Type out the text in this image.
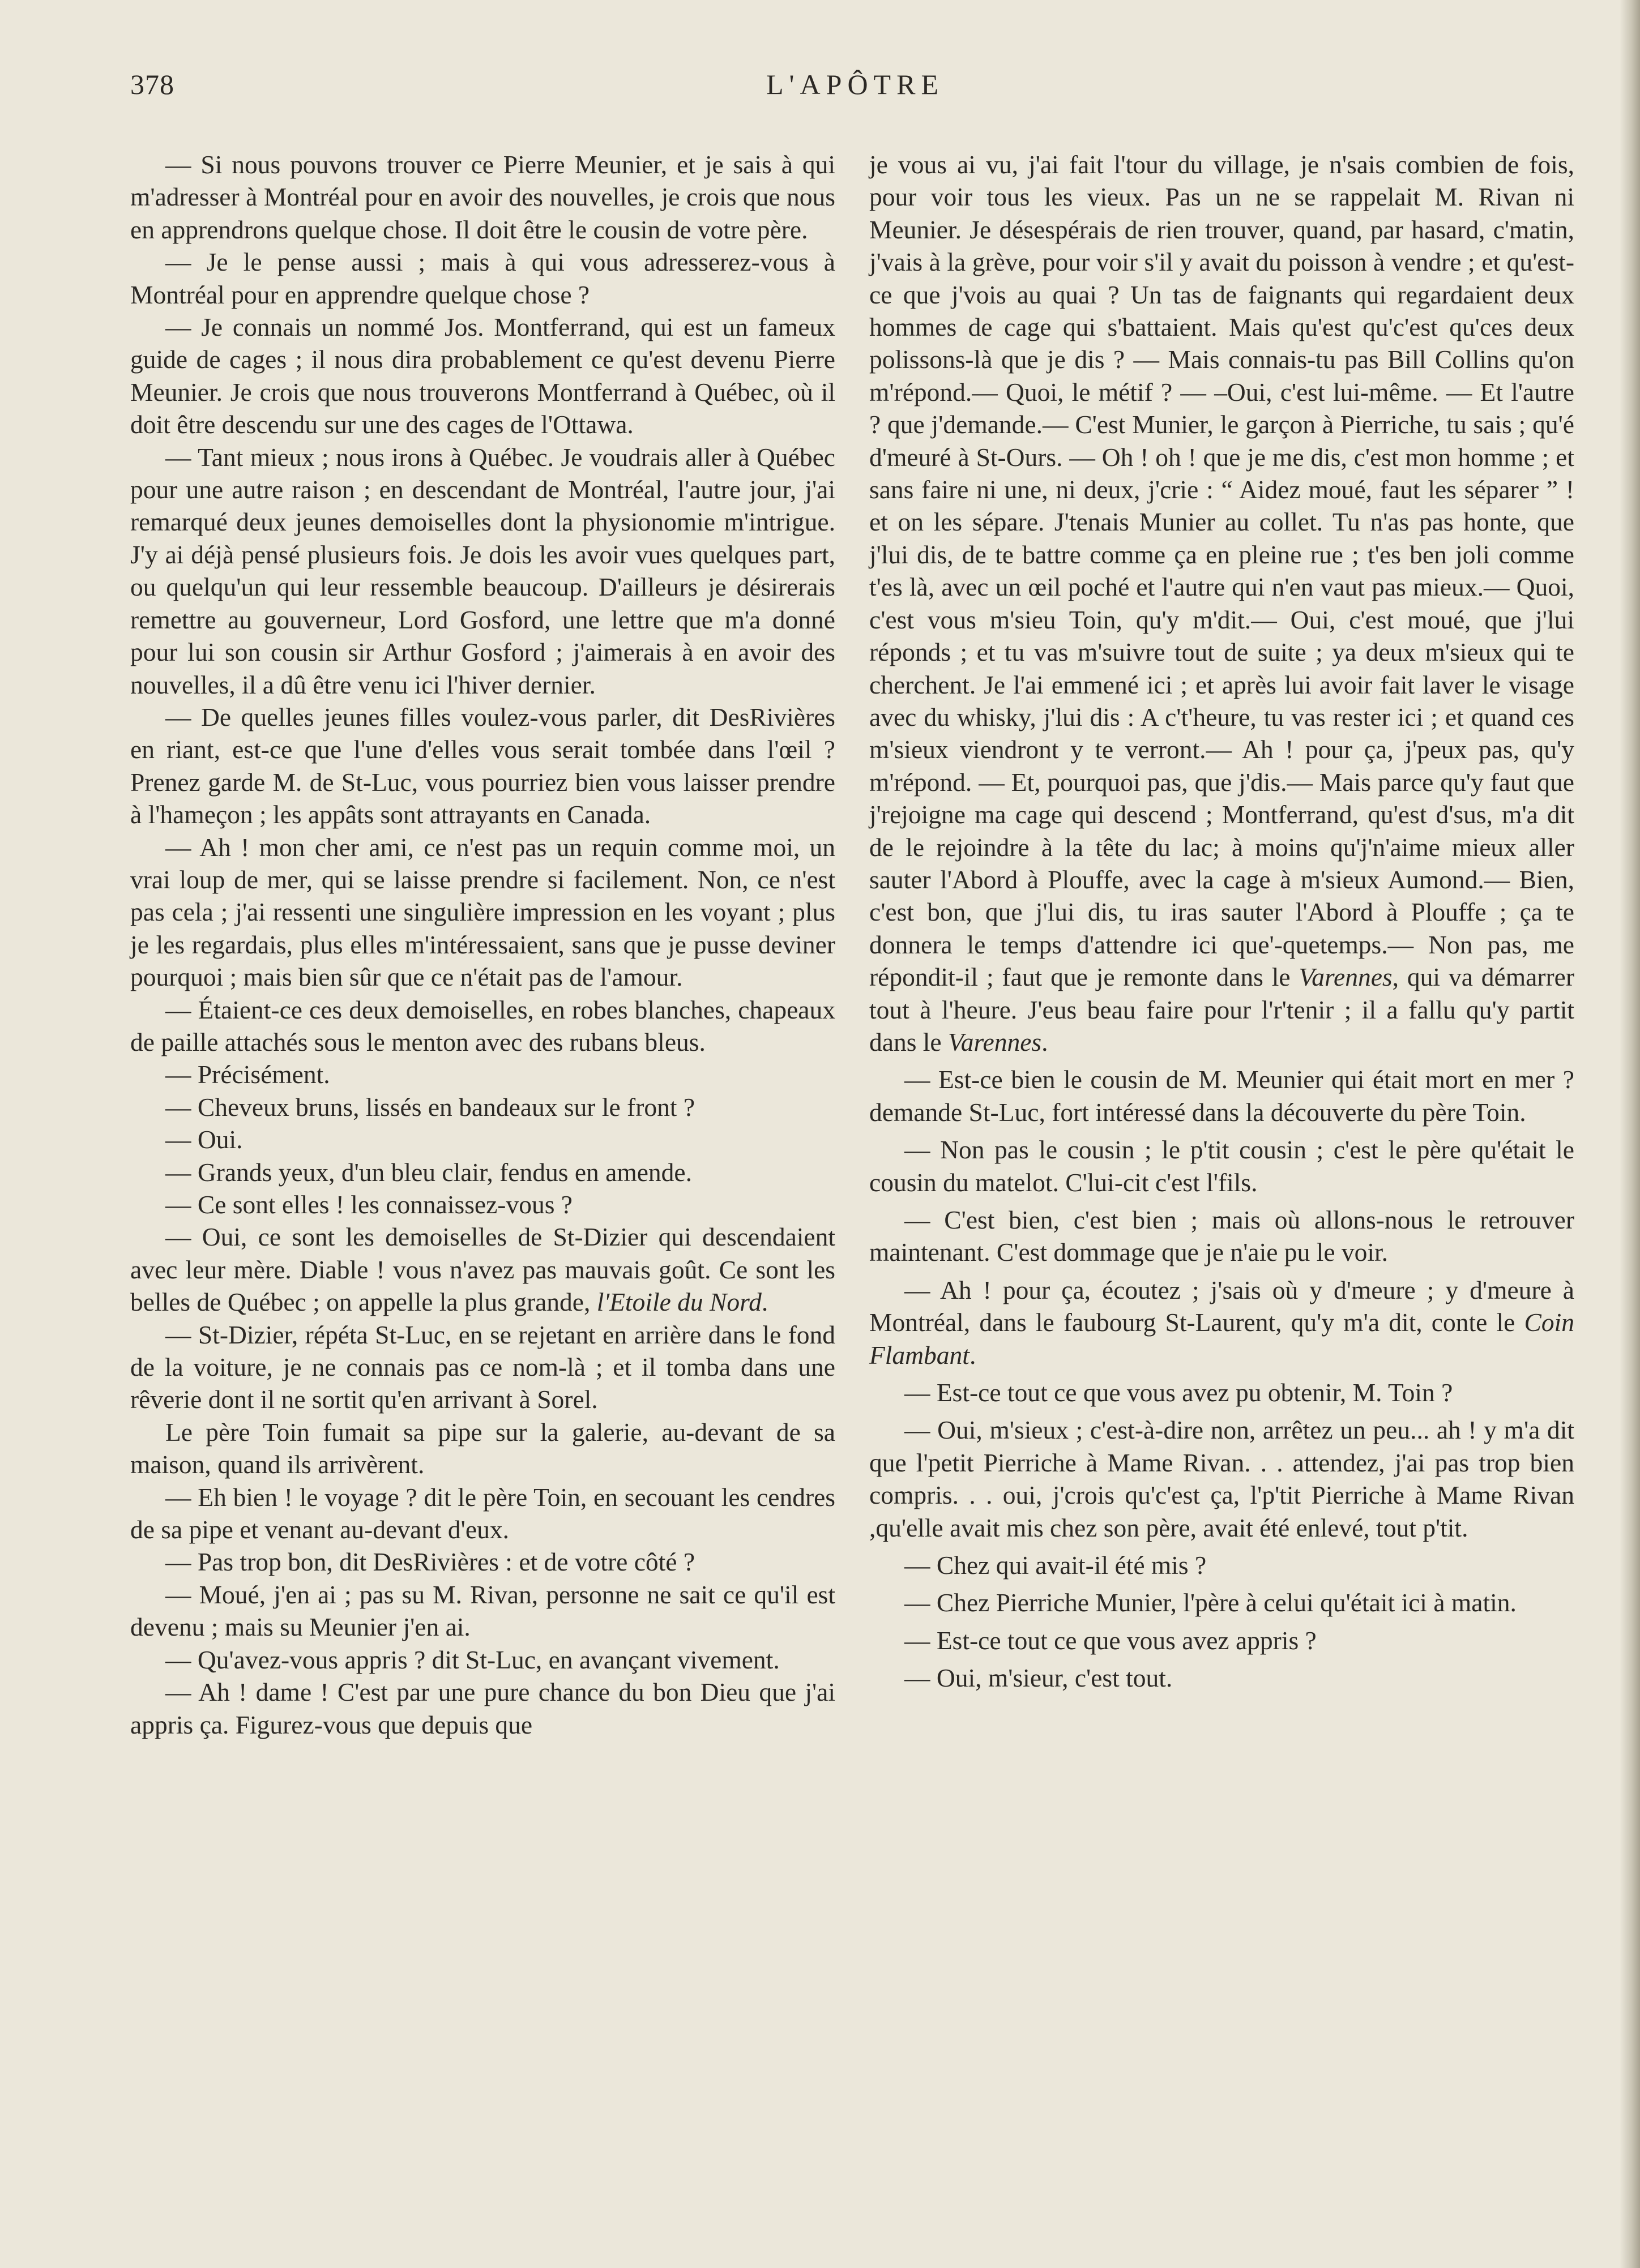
378	L'APÔTRE

— Si nous pouvons trouver ce Pierre Meunier, et je sais à qui m'adresser à Montréal pour en avoir des nouvelles, je crois que nous en apprendrons quelque chose. Il doit être le cousin de votre père.

— Je le pense aussi ; mais à qui vous adresserez-vous à Montréal pour en apprendre quelque chose ?

— Je connais un nommé Jos. Montferrand, qui est un fameux guide de cages ; il nous dira probablement ce qu'est devenu Pierre Meunier. Je crois que nous trouverons Montferrand à Québec, où il doit être descendu sur une des cages de l'Ottawa.

— Tant mieux ; nous irons à Québec. Je voudrais aller à Québec pour une autre raison ; en descendant de Montréal, l'autre jour, j'ai remarqué deux jeunes demoiselles dont la physionomie m'intrigue. J'y ai déjà pensé plusieurs fois. Je dois les avoir vues quelques part, ou quelqu'un qui leur ressemble beaucoup. D'ailleurs je désirerais remettre au gouverneur, Lord Gosford, une lettre que m'a donné pour lui son cousin sir Arthur Gosford ; j'aimerais à en avoir des nouvelles, il a dû être venu ici l'hiver dernier.

— De quelles jeunes filles voulez-vous parler, dit DesRivières en riant, est-ce que l'une d'elles vous serait tombée dans l'œil ? Prenez garde M. de St-Luc, vous pourriez bien vous laisser prendre à l'hameçon ; les appâts sont attrayants en Canada.

— Ah ! mon cher ami, ce n'est pas un requin comme moi, un vrai loup de mer, qui se laisse prendre si facilement. Non, ce n'est pas cela ; j'ai ressenti une singulière impression en les voyant ; plus je les regardais, plus elles m'intéressaient, sans que je pusse deviner pourquoi ; mais bien sûr que ce n'était pas de l'amour.

— Étaient-ce ces deux demoiselles, en robes blanches, chapeaux de paille attachés sous le menton avec des rubans bleus.

— Précisément.

— Cheveux bruns, lissés en bandeaux sur le front ?

— Oui.

— Grands yeux, d'un bleu clair, fendus en amende.

— Ce sont elles ! les connaissez-vous ?

— Oui, ce sont les demoiselles de St-Dizier qui descendaient avec leur mère. Diable ! vous n'avez pas mauvais goût. Ce sont les belles de Québec ; on appelle la plus grande, l'Etoile du Nord.

— St-Dizier, répéta St-Luc, en se rejetant en arrière dans le fond de la voiture, je ne connais pas ce nom-là ; et il tomba dans une rêverie dont il ne sortit qu'en arrivant à Sorel.

Le père Toin fumait sa pipe sur la galerie, au-devant de sa maison, quand ils arrivèrent.

— Eh bien ! le voyage ? dit le père Toin, en secouant les cendres de sa pipe et venant au-devant d'eux.

— Pas trop bon, dit DesRivières : et de votre côté ?

— Moué, j'en ai ; pas su M. Rivan, personne ne sait ce qu'il est devenu ; mais su Meunier j'en ai.

— Qu'avez-vous appris ? dit St-Luc, en avançant vivement.

— Ah ! dame ! C'est par une pure chance du bon Dieu que j'ai appris ça. Figurez-vous que depuis que

je vous ai vu, j'ai fait l'tour du village, je n'sais combien de fois, pour voir tous les vieux. Pas un ne se rappelait M. Rivan ni Meunier. Je désespérais de rien trouver, quand, par hasard, c'matin, j'vais à la grève, pour voir s'il y avait du poisson à vendre ; et qu'est-ce que j'vois au quai ? Un tas de faignants qui regardaient deux hommes de cage qui s'battaient. Mais qu'est qu'c'est qu'ces deux polissons-là que je dis ? — Mais connais-tu pas Bill Collins qu'on m'répond.— Quoi, le métif ? — –Oui, c'est lui-même. — Et l'autre ? que j'demande.— C'est Munier, le garçon à Pierriche, tu sais ; qu'é d'meuré à St-Ours. — Oh ! oh ! que je me dis, c'est mon homme ; et sans faire ni une, ni deux, j'crie : “ Aidez moué, faut les séparer ” ! et on les sépare. J'tenais Munier au collet. Tu n'as pas honte, que j'lui dis, de te battre comme ça en pleine rue ; t'es ben joli comme t'es là, avec un œil poché et l'autre qui n'en vaut pas mieux.— Quoi, c'est vous m'sieu Toin, qu'y m'dit.— Oui, c'est moué, que j'lui réponds ; et tu vas m'suivre tout de suite ; ya deux m'sieux qui te cherchent. Je l'ai emmené ici ; et après lui avoir fait laver le visage avec du whisky, j'lui dis : A c't'heure, tu vas rester ici ; et quand ces m'sieux viendront y te verront.— Ah ! pour ça, j'peux pas, qu'y m'répond. — Et, pourquoi pas, que j'dis.— Mais parce qu'y faut que j'rejoigne ma cage qui descend ; Montferrand, qu'est d'sus, m'a dit de le rejoindre à la tête du lac; à moins qu'j'n'aime mieux aller sauter l'Abord à Plouffe, avec la cage à m'sieux Aumond.— Bien, c'est bon, que j'lui dis, tu iras sauter l'Abord à Plouffe ; ça te donnera le temps d'attendre ici que'-quetemps.— Non pas, me répondit-il ; faut que je remonte dans le Varennes, qui va démarrer tout à l'heure. J'eus beau faire pour l'r'tenir ; il a fallu qu'y partit dans le Varennes.

— Est-ce bien le cousin de M. Meunier qui était mort en mer ? demande St-Luc, fort intéressé dans la découverte du père Toin.

— Non pas le cousin ; le p'tit cousin ; c'est le père qu'était le cousin du matelot. C'lui-cit c'est l'fils.

— C'est bien, c'est bien ; mais où allons-nous le retrouver maintenant. C'est dommage que je n'aie pu le voir.

— Ah ! pour ça, écoutez ; j'sais où y d'meure ; y d'meure à Montréal, dans le faubourg St-Laurent, qu'y m'a dit, conte le Coin Flambant.

— Est-ce tout ce que vous avez pu obtenir, M. Toin ?

— Oui, m'sieux ; c'est-à-dire non, arrêtez un peu... ah ! y m'a dit que l'petit Pierriche à Mame Rivan. . . attendez, j'ai pas trop bien compris. . . oui, j'crois qu'c'est ça, l'p'tit Pierriche à Mame Rivan ,qu'elle avait mis chez son père, avait été enlevé, tout p'tit.

— Chez qui avait-il été mis ?

— Chez Pierriche Munier, l'père à celui qu'était ici à matin.

— Est-ce tout ce que vous avez appris ?

— Oui, m'sieur, c'est tout.
